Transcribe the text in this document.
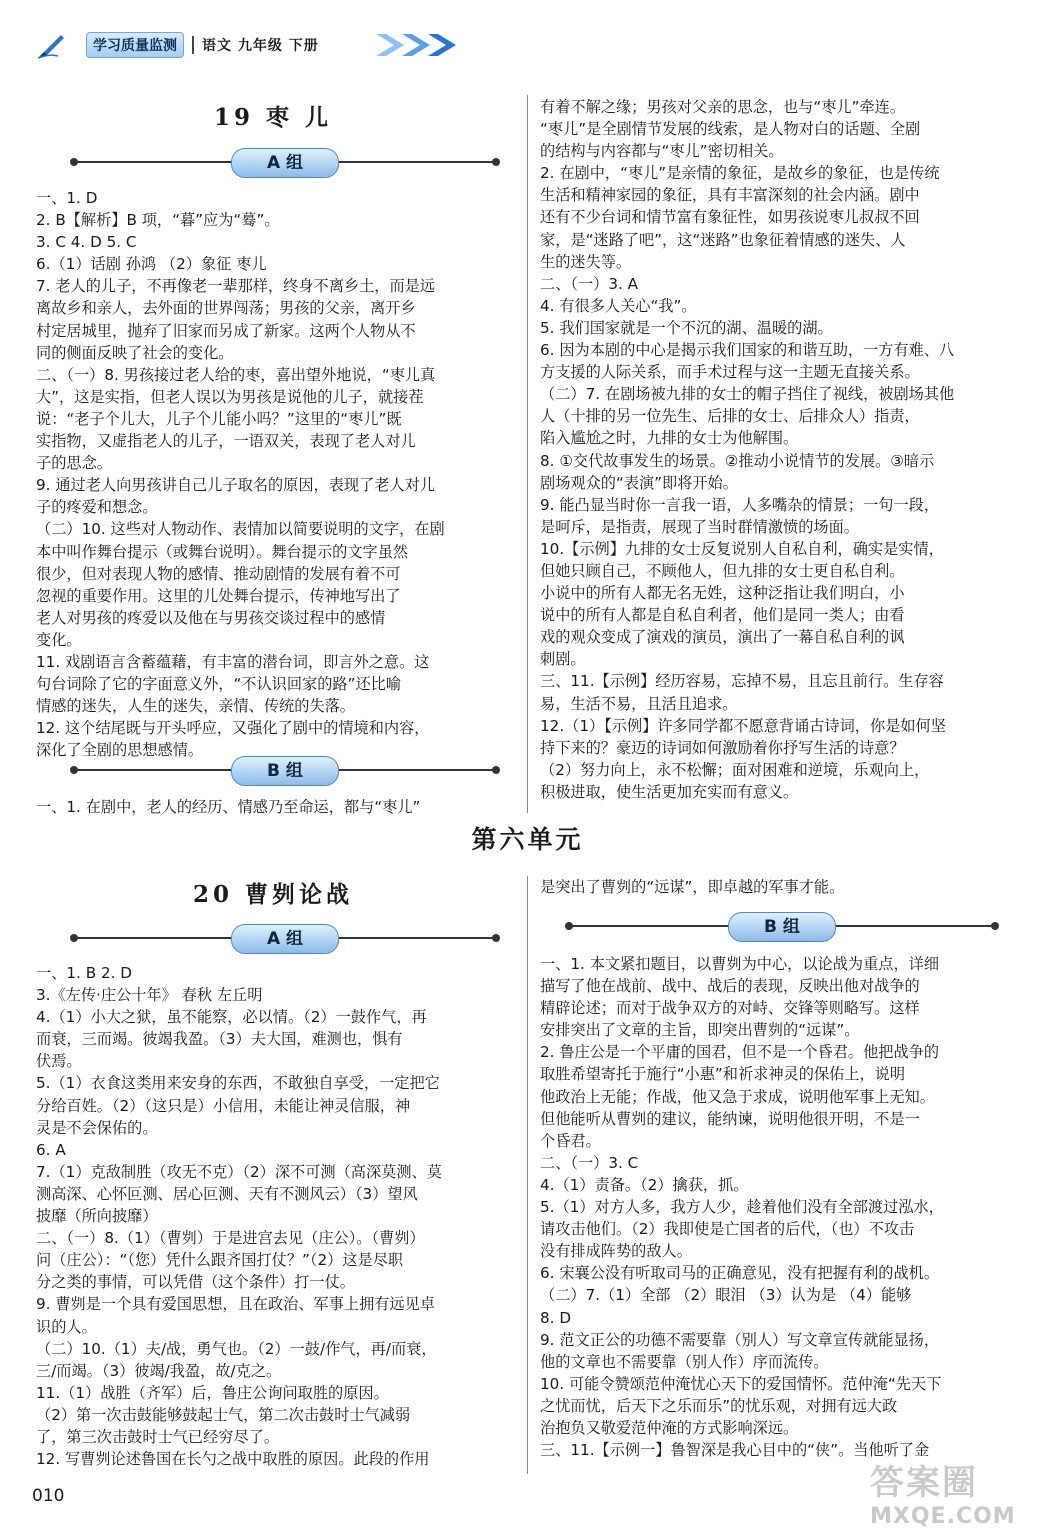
学习质量监测	语文 九年级 下册
19 枣 儿
A 组

一、1. D

2. B【解析】B 项，“暮”应为“蓦”。

3. C 4. D 5. C

6.（1）话剧 孙鸿 （2）象征 枣儿

7. 老人的儿子，不再像老一辈那样，终身不离乡土，而是远

离故乡和亲人，去外面的世界闯荡；男孩的父亲，离开乡

村定居城里，抛弃了旧家而另成了新家。这两个人物从不

同的侧面反映了社会的变化。

二、（一）8. 男孩接过老人给的枣，喜出望外地说，“枣儿真

大”，这是实指，但老人误以为男孩是说他的儿子，就接茬

说：“老子个儿大，儿子个儿能小吗？”这里的“枣儿”既

实指物，又虚指老人的儿子，一语双关，表现了老人对儿

子的思念。

9. 通过老人向男孩讲自己儿子取名的原因，表现了老人对儿

子的疼爱和想念。

（二）10. 这些对人物动作、表情加以简要说明的文字，在剧

本中叫作舞台提示（或舞台说明）。舞台提示的文字虽然

很少，但对表现人物的感情、推动剧情的发展有着不可

忽视的重要作用。这里的儿处舞台提示，传神地写出了

老人对男孩的疼爱以及他在与男孩交谈过程中的感情

变化。

11. 戏剧语言含蓄蕴藉，有丰富的潜台词，即言外之意。这

句台词除了它的字面意义外，“不认识回家的路”还比喻

情感的迷失，人生的迷失，亲情、传统的失落。

12. 这个结尾既与开头呼应，又强化了剧中的情境和内容，

深化了全剧的思想感情。

B 组

一、1. 在剧中，老人的经历、情感乃至命运，都与“枣儿”

有着不解之缘；男孩对父亲的思念，也与“枣儿”牵连。

“枣儿”是全剧情节发展的线索，是人物对白的话题、全剧

的结构与内容都与“枣儿”密切相关。

2. 在剧中，“枣儿”是亲情的象征，是故乡的象征，也是传统

生活和精神家园的象征，具有丰富深刻的社会内涵。剧中

还有不少台词和情节富有象征性，如男孩说枣儿叔叔不回

家，是“迷路了吧”，这“迷路”也象征着情感的迷失、人

生的迷失等。

二、（一）3. A

4. 有很多人关心“我”。

5. 我们国家就是一个不沉的湖、温暖的湖。

6. 因为本剧的中心是揭示我们国家的和谐互助，一方有难、八

方支援的人际关系，而手术过程与这一主题无直接关系。

（二）7. 在剧场被九排的女士的帽子挡住了视线，被剧场其他

人（十排的另一位先生、后排的女士、后排众人）指责，

陷入尴尬之时，九排的女士为他解围。

8. ①交代故事发生的场景。②推动小说情节的发展。③暗示

剧场观众的“表演”即将开始。

9. 能凸显当时你一言我一语，人多嘴杂的情景；一句一段，

是呵斥，是指责，展现了当时群情激愤的场面。

10.【示例】九排的女士反复说别人自私自利，确实是实情，

但她只顾自己，不顾他人，但九排的女士更自私自利。

小说中的所有人都无名无姓，这种泛指让我们明白，小

说中的所有人都是自私自利者，他们是同一类人；由看

戏的观众变成了演戏的演员，演出了一幕自私自利的讽

刺剧。

三、11.【示例】经历容易，忘掉不易，且忘且前行。生存容

易，生活不易，且活且追求。

12.（1）【示例】许多同学都不愿意背诵古诗词，你是如何坚

持下来的？豪迈的诗词如何激励着你抒写生活的诗意？

（2）努力向上，永不松懈；面对困难和逆境，乐观向上，

积极进取，使生活更加充实而有意义。

第六单元
20 曹刿论战
A 组

一、1. B 2. D

3.《左传·庄公十年》 春秋 左丘明

4.（1）小大之狱，虽不能察，必以情。（2）一鼓作气，再

而衰，三而竭。彼竭我盈。（3）夫大国，难测也，惧有

伏焉。

5.（1）衣食这类用来安身的东西，不敢独自享受，一定把它

分给百姓。（2）（这只是）小信用，未能让神灵信服，神

灵是不会保佑的。

6. A

7.（1）克敌制胜（攻无不克）（2）深不可测（高深莫测、莫

测高深、心怀叵测、居心叵测、天有不测风云）（3）望风

披靡（所向披靡）

二、（一）8.（1）（曹刿）于是进宫去见（庄公）。（曹刿）

问（庄公）：“（您）凭什么跟齐国打仗？”（2）这是尽职

分之类的事情，可以凭借（这个条件）打一仗。

9. 曹刿是一个具有爱国思想，且在政治、军事上拥有远见卓

识的人。

（二）10.（1）夫/战，勇气也。（2）一鼓/作气，再/而衰，

三/而竭。（3）彼竭/我盈，故/克之。

11.（1）战胜（齐军）后，鲁庄公询问取胜的原因。

（2）第一次击鼓能够鼓起士气，第二次击鼓时士气减弱

了，第三次击鼓时士气已经穷尽了。

12. 写曹刿论述鲁国在长勺之战中取胜的原因。此段的作用

是突出了曹刿的“远谋”，即卓越的军事才能。

B 组

一、1. 本文紧扣题目，以曹刿为中心，以论战为重点，详细

描写了他在战前、战中、战后的表现，反映出他对战争的

精辟论述；而对于战争双方的对峙、交锋等则略写。这样

安排突出了文章的主旨，即突出曹刿的“远谋”。

2. 鲁庄公是一个平庸的国君，但不是一个昏君。他把战争的

取胜希望寄托于施行“小惠”和祈求神灵的保佑上，说明

他政治上无能；作战，他又急于求成，说明他军事上无知。

但他能听从曹刿的建议，能纳谏，说明他很开明，不是一

个昏君。

二、（一）3. C

4.（1）责备。（2）擒获，抓。

5.（1）对方人多，我方人少，趁着他们没有全部渡过泓水，

请攻击他们。（2）我即使是亡国者的后代，（也）不攻击

没有排成阵势的敌人。

6. 宋襄公没有听取司马的正确意见，没有把握有利的战机。

（二）7.（1）全部 （2）眼泪 （3）认为是 （4）能够

8. D

9. 范文正公的功德不需要靠（别人）写文章宣传就能显扬，

他的文章也不需要靠（别人作）序而流传。

10. 可能令赞颂范仲淹忧心天下的爱国情怀。范仲淹“先天下

之忧而忧，后天下之乐而乐”的忧乐观，对拥有远大政

治抱负又敬爱范仲淹的方式影响深远。

三、11.【示例一】鲁智深是我心目中的“侠”。当他听了金

010	答案圈
MXQE.COM
